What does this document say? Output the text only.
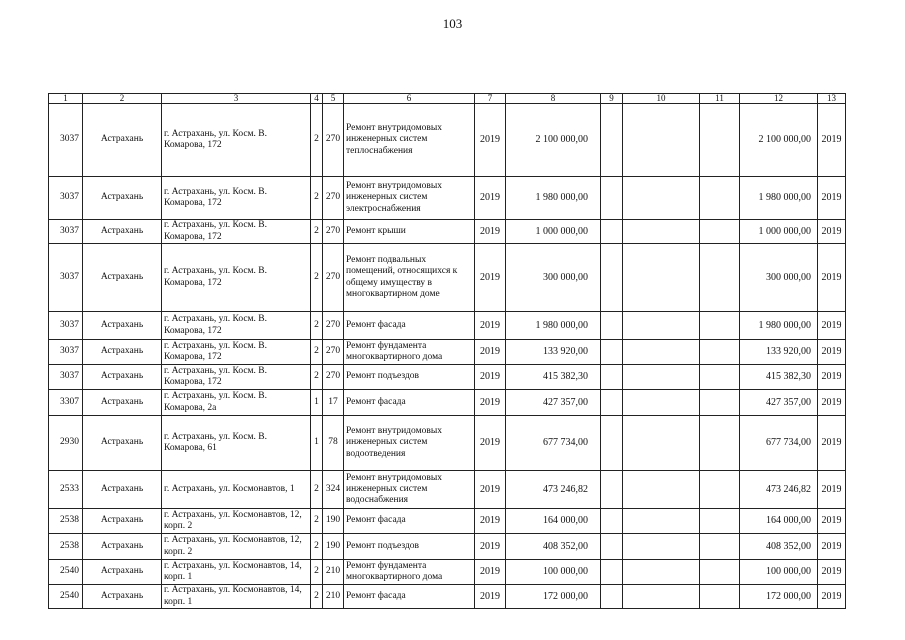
103
1	2	3	4	5	6	7	8	9	10	11	12	13
3037	Астрахань	г. Астрахань, ул. Косм. В. Комарова, 172	2	270	Ремонт внутридомовых инженерных систем теплоснабжения	2019	2 100 000,00				2 100 000,00	2019
3037	Астрахань	г. Астрахань, ул. Косм. В. Комарова, 172	2	270	Ремонт внутридомовых инженерных систем электроснабжения	2019	1 980 000,00				1 980 000,00	2019
3037	Астрахань	г. Астрахань, ул. Косм. В. Комарова, 172	2	270	Ремонт крыши	2019	1 000 000,00				1 000 000,00	2019
3037	Астрахань	г. Астрахань, ул. Косм. В. Комарова, 172	2	270	Ремонт подвальных помещений, относящихся к общему имуществу в многоквартирном доме	2019	300 000,00				300 000,00	2019
3037	Астрахань	г. Астрахань, ул. Косм. В. Комарова, 172	2	270	Ремонт фасада	2019	1 980 000,00				1 980 000,00	2019
3037	Астрахань	г. Астрахань, ул. Косм. В. Комарова, 172	2	270	Ремонт фундамента многоквартирного дома	2019	133 920,00				133 920,00	2019
3037	Астрахань	г. Астрахань, ул. Косм. В. Комарова, 172	2	270	Ремонт подъездов	2019	415 382,30				415 382,30	2019
3307	Астрахань	г. Астрахань, ул. Косм. В. Комарова, 2а	1	17	Ремонт фасада	2019	427 357,00				427 357,00	2019
2930	Астрахань	г. Астрахань, ул. Косм. В. Комарова, 61	1	78	Ремонт внутридомовых инженерных систем водоотведения	2019	677 734,00				677 734,00	2019
2533	Астрахань	г. Астрахань, ул. Космонавтов, 1	2	324	Ремонт внутридомовых инженерных систем водоснабжения	2019	473 246,82				473 246,82	2019
2538	Астрахань	г. Астрахань, ул. Космонавтов, 12, корп. 2	2	190	Ремонт фасада	2019	164 000,00				164 000,00	2019
2538	Астрахань	г. Астрахань, ул. Космонавтов, 12, корп. 2	2	190	Ремонт подъездов	2019	408 352,00				408 352,00	2019
2540	Астрахань	г. Астрахань, ул. Космонавтов, 14, корп. 1	2	210	Ремонт фундамента многоквартирного дома	2019	100 000,00				100 000,00	2019
2540	Астрахань	г. Астрахань, ул. Космонавтов, 14, корп. 1	2	210	Ремонт фасада	2019	172 000,00				172 000,00	2019
